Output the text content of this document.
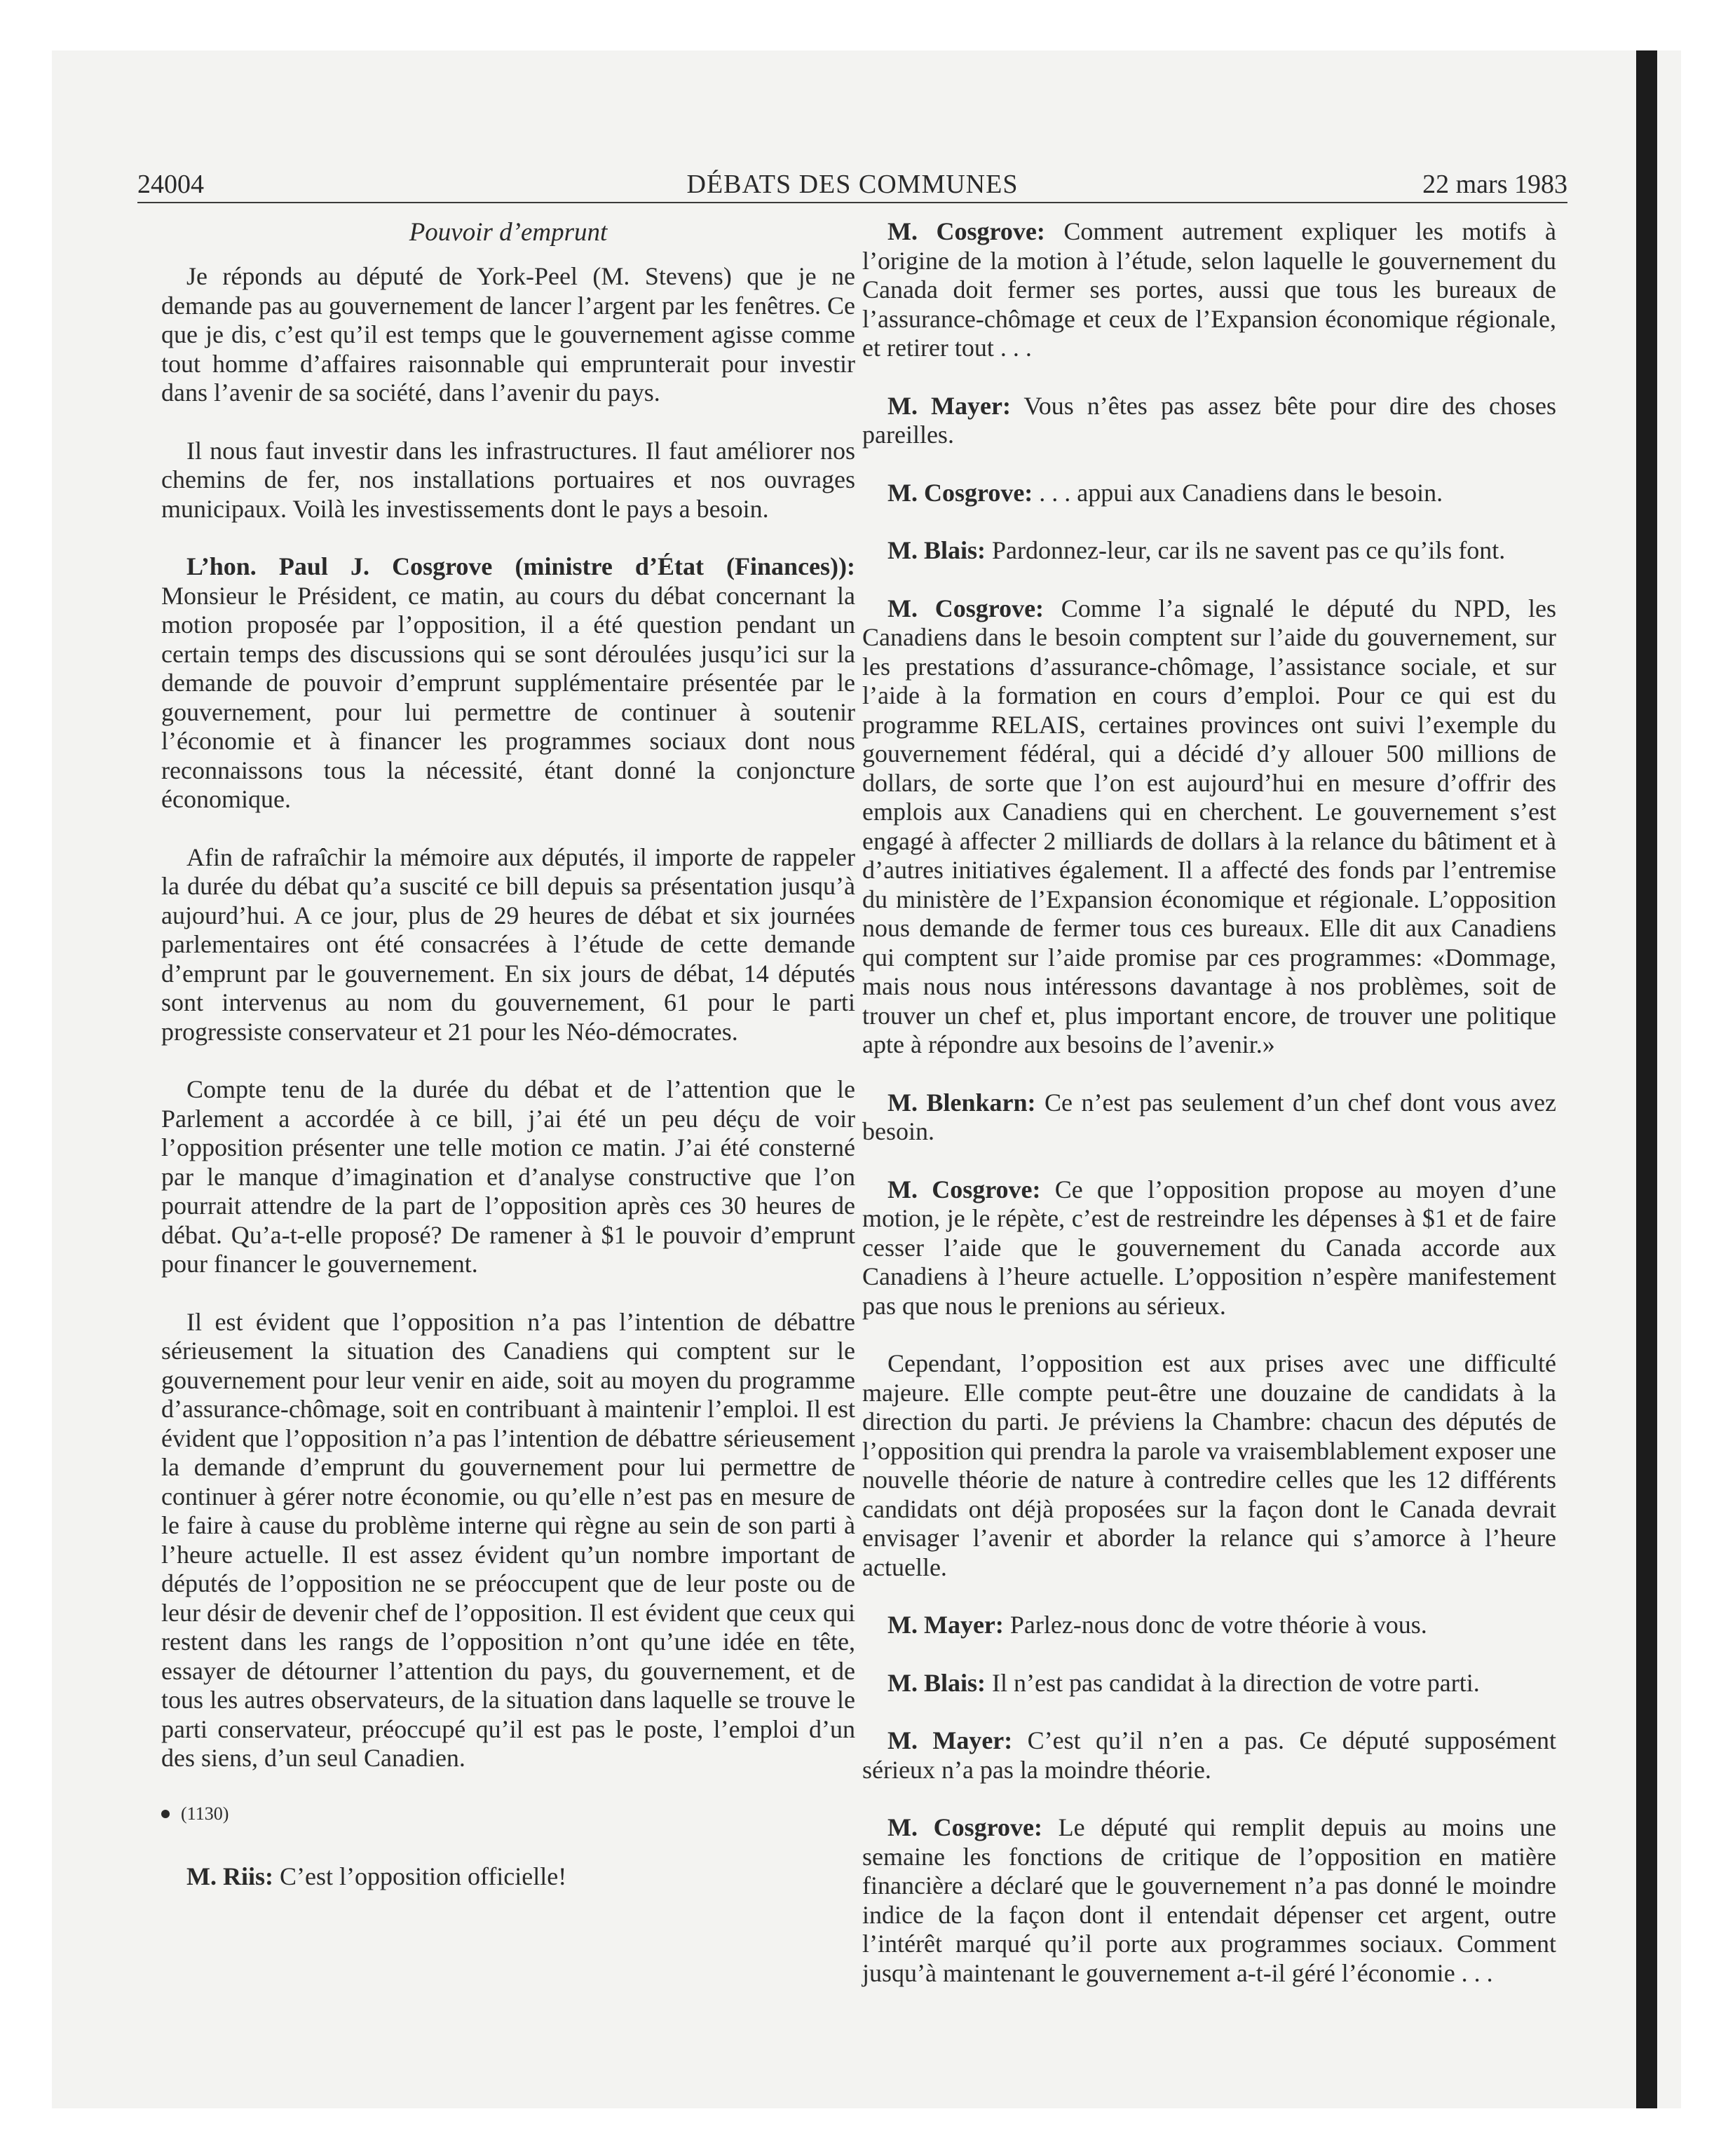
24004	DÉBATS DES COMMUNES	22 mars 1983
Pouvoir d’emprunt

Je réponds au député de York-Peel (M. Stevens) que je ne demande pas au gouvernement de lancer l’argent par les fenêtres. Ce que je dis, c’est qu’il est temps que le gouvernement agisse comme tout homme d’affaires raisonnable qui emprunterait pour investir dans l’avenir de sa société, dans l’avenir du pays.

Il nous faut investir dans les infrastructures. Il faut améliorer nos chemins de fer, nos installations portuaires et nos ouvrages municipaux. Voilà les investissements dont le pays a besoin.

L’hon. Paul J. Cosgrove (ministre d’État (Finances)): Monsieur le Président, ce matin, au cours du débat concernant la motion proposée par l’opposition, il a été question pendant un certain temps des discussions qui se sont déroulées jusqu’ici sur la demande de pouvoir d’emprunt supplémentaire présentée par le gouvernement, pour lui permettre de continuer à soutenir l’économie et à financer les programmes sociaux dont nous reconnaissons tous la nécessité, étant donné la conjoncture économique.

Afin de rafraîchir la mémoire aux députés, il importe de rappeler la durée du débat qu’a suscité ce bill depuis sa présentation jusqu’à aujourd’hui. A ce jour, plus de 29 heures de débat et six journées parlementaires ont été consacrées à l’étude de cette demande d’emprunt par le gouvernement. En six jours de débat, 14 députés sont intervenus au nom du gouvernement, 61 pour le parti progressiste conservateur et 21 pour les Néo-démocrates.

Compte tenu de la durée du débat et de l’attention que le Parlement a accordée à ce bill, j’ai été un peu déçu de voir l’opposition présenter une telle motion ce matin. J’ai été consterné par le manque d’imagination et d’analyse constructive que l’on pourrait attendre de la part de l’opposition après ces 30 heures de débat. Qu’a-t-elle proposé? De ramener à $1 le pouvoir d’emprunt pour financer le gouvernement.

Il est évident que l’opposition n’a pas l’intention de débattre sérieusement la situation des Canadiens qui comptent sur le gouvernement pour leur venir en aide, soit au moyen du programme d’assurance-chômage, soit en contribuant à maintenir l’emploi. Il est évident que l’opposition n’a pas l’intention de débattre sérieusement la demande d’emprunt du gouvernement pour lui permettre de continuer à gérer notre économie, ou qu’elle n’est pas en mesure de le faire à cause du problème interne qui règne au sein de son parti à l’heure actuelle. Il est assez évident qu’un nombre important de députés de l’opposition ne se préoccupent que de leur poste ou de leur désir de devenir chef de l’opposition. Il est évident que ceux qui restent dans les rangs de l’opposition n’ont qu’une idée en tête, essayer de détourner l’attention du pays, du gouvernement, et de tous les autres observateurs, de la situation dans laquelle se trouve le parti conservateur, préoccupé qu’il est pas le poste, l’emploi d’un des siens, d’un seul Canadien.

(1130)

M. Riis: C’est l’opposition officielle!

M. Cosgrove: Comment autrement expliquer les motifs à l’origine de la motion à l’étude, selon laquelle le gouvernement du Canada doit fermer ses portes, aussi que tous les bureaux de l’assurance-chômage et ceux de l’Expansion économique régionale, et retirer tout . . .

M. Mayer: Vous n’êtes pas assez bête pour dire des choses pareilles.

M. Cosgrove: . . . appui aux Canadiens dans le besoin.

M. Blais: Pardonnez-leur, car ils ne savent pas ce qu’ils font.

M. Cosgrove: Comme l’a signalé le député du NPD, les Canadiens dans le besoin comptent sur l’aide du gouvernement, sur les prestations d’assurance-chômage, l’assistance sociale, et sur l’aide à la formation en cours d’emploi. Pour ce qui est du programme RELAIS, certaines provinces ont suivi l’exemple du gouvernement fédéral, qui a décidé d’y allouer 500 millions de dollars, de sorte que l’on est aujourd’hui en mesure d’offrir des emplois aux Canadiens qui en cherchent. Le gouvernement s’est engagé à affecter 2 milliards de dollars à la relance du bâtiment et à d’autres initiatives également. Il a affecté des fonds par l’entremise du ministère de l’Expansion économique et régionale. L’opposition nous demande de fermer tous ces bureaux. Elle dit aux Canadiens qui comptent sur l’aide promise par ces programmes: «Dommage, mais nous nous intéressons davantage à nos problèmes, soit de trouver un chef et, plus important encore, de trouver une politique apte à répondre aux besoins de l’avenir.»

M. Blenkarn: Ce n’est pas seulement d’un chef dont vous avez besoin.

M. Cosgrove: Ce que l’opposition propose au moyen d’une motion, je le répète, c’est de restreindre les dépenses à $1 et de faire cesser l’aide que le gouvernement du Canada accorde aux Canadiens à l’heure actuelle. L’opposition n’espère manifestement pas que nous le prenions au sérieux.

Cependant, l’opposition est aux prises avec une difficulté majeure. Elle compte peut-être une douzaine de candidats à la direction du parti. Je préviens la Chambre: chacun des députés de l’opposition qui prendra la parole va vraisemblablement exposer une nouvelle théorie de nature à contredire celles que les 12 différents candidats ont déjà proposées sur la façon dont le Canada devrait envisager l’avenir et aborder la relance qui s’amorce à l’heure actuelle.

M. Mayer: Parlez-nous donc de votre théorie à vous.

M. Blais: Il n’est pas candidat à la direction de votre parti.

M. Mayer: C’est qu’il n’en a pas. Ce député supposément sérieux n’a pas la moindre théorie.

M. Cosgrove: Le député qui remplit depuis au moins une semaine les fonctions de critique de l’opposition en matière financière a déclaré que le gouvernement n’a pas donné le moindre indice de la façon dont il entendait dépenser cet argent, outre l’intérêt marqué qu’il porte aux programmes sociaux. Comment jusqu’à maintenant le gouvernement a-t-il géré l’économie . . .
